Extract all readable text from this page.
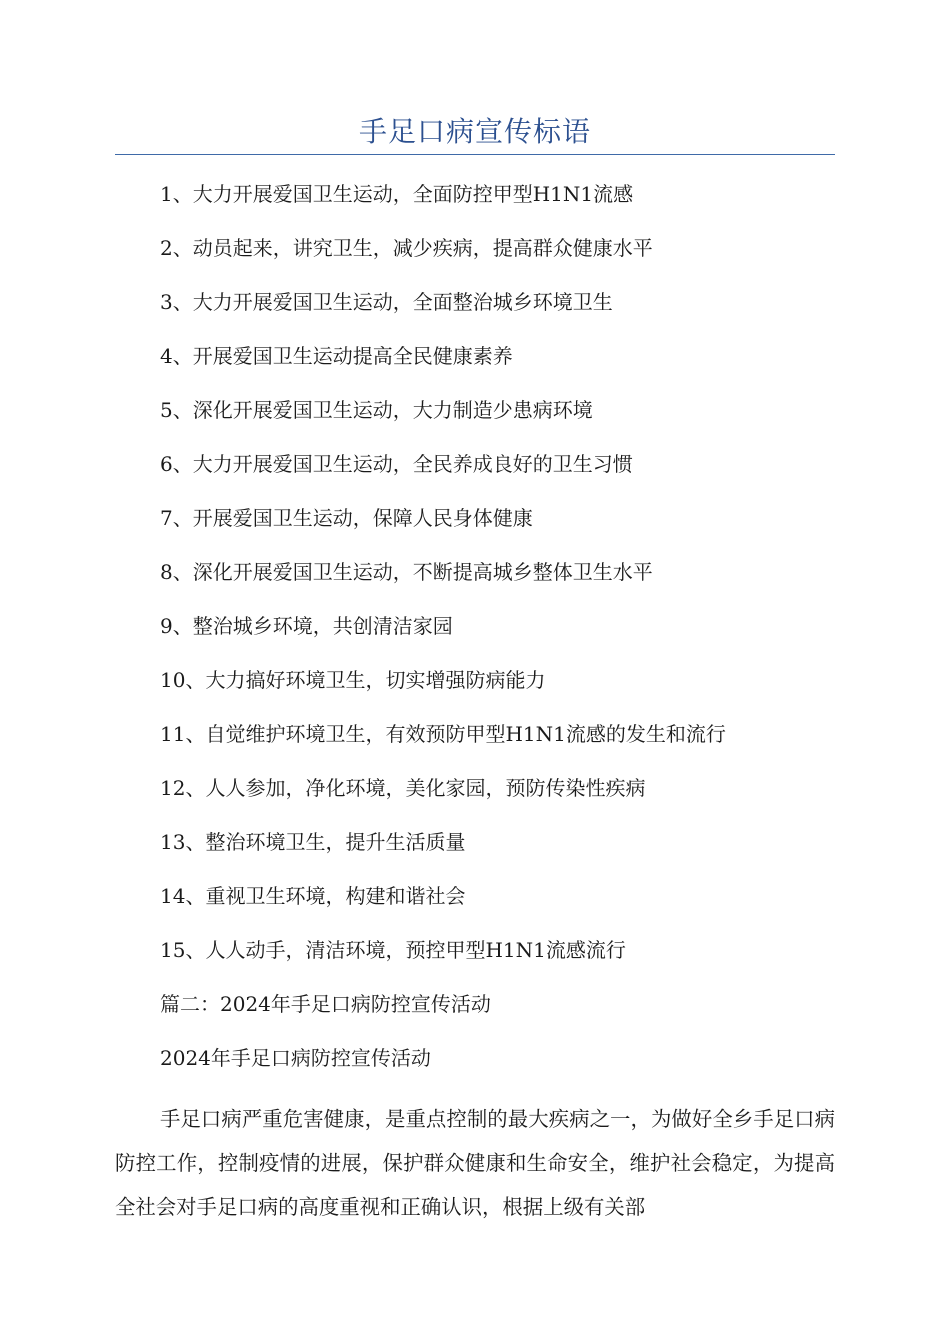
手足口病宣传标语
1、大力开展爱国卫生运动，全面防控甲型H1N1流感
2、动员起来，讲究卫生，减少疾病，提高群众健康水平
3、大力开展爱国卫生运动，全面整治城乡环境卫生
4、开展爱国卫生运动提高全民健康素养
5、深化开展爱国卫生运动，大力制造少患病环境
6、大力开展爱国卫生运动，全民养成良好的卫生习惯
7、开展爱国卫生运动，保障人民身体健康
8、深化开展爱国卫生运动，不断提高城乡整体卫生水平
9、整治城乡环境，共创清洁家园
10、大力搞好环境卫生，切实增强防病能力
11、自觉维护环境卫生，有效预防甲型H1N1流感的发生和流行
12、人人参加，净化环境，美化家园，预防传染性疾病
13、整治环境卫生，提升生活质量
14、重视卫生环境，构建和谐社会
15、人人动手，清洁环境，预控甲型H1N1流感流行
篇二：2024年手足口病防控宣传活动
2024年手足口病防控宣传活动

手足口病严重危害健康，是重点控制的最大疾病之一，为做好全乡手足口病防控工作，控制疫情的进展，保护群众健康和生命安全，维护社会稳定，为提高全社会对手足口病的高度重视和正确认识，根据上级有关部
